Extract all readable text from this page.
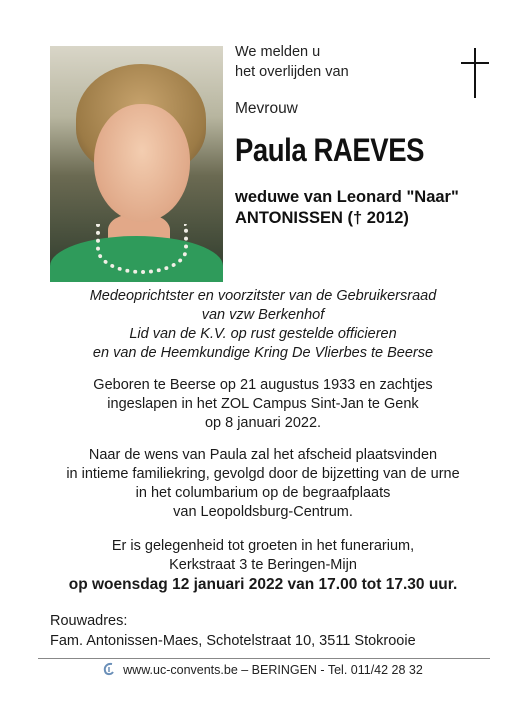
We melden u
het overlijden van
Mevrouw
Paula RAEVES
weduwe van Leonard "Naar"
ANTONISSEN († 2012)
Medeoprichtster en voorzitster van de Gebruikersraad
van vzw Berkenhof
Lid van de K.V. op rust gestelde officieren
en van de Heemkundige Kring De Vlierbes te Beerse
Geboren te Beerse op 21 augustus 1933 en zachtjes
ingeslapen in het ZOL Campus Sint-Jan te Genk
op 8 januari 2022.
Naar de wens van Paula zal het afscheid plaatsvinden
in intieme familiekring, gevolgd door de bijzetting van de urne
in het columbarium op de begraafplaats
van Leopoldsburg-Centrum.
Er is gelegenheid tot groeten in het funerarium,
Kerkstraat 3 te Beringen-Mijn
op woensdag 12 januari 2022 van 17.00 tot 17.30 uur.
Rouwadres:
Fam. Antonissen-Maes, Schotelstraat 10, 3511 Stokrooie
www.uc-convents.be – BERINGEN - Tel. 011/42 28 32
